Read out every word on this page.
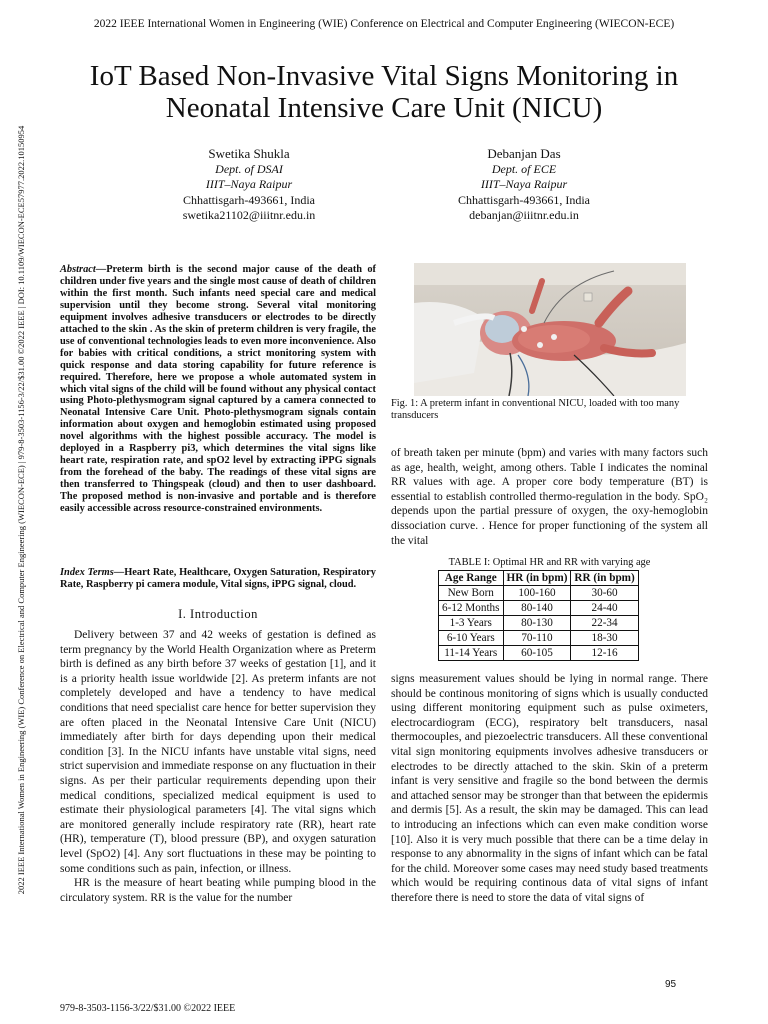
2022 IEEE International Women in Engineering (WIE) Conference on Electrical and Computer Engineering (WIECON-ECE)
2022 IEEE International Women in Engineering (WIE) Conference on Electrical and Computer Engineering (WIECON-ECE) | 979-8-3503-1156-3/22/$31.00 ©2022 IEEE | DOI: 10.1109/WIECON-ECE57977.2022.10150954
IoT Based Non-Invasive Vital Signs Monitoring in Neonatal Intensive Care Unit (NICU)
Swetika Shukla
Dept. of DSAI
IIIT–Naya Raipur
Chhattisgarh-493661, India
swetika21102@iiitnr.edu.in
Debanjan Das
Dept. of ECE
IIIT–Naya Raipur
Chhattisgarh-493661, India
debanjan@iiitnr.edu.in
Abstract—Preterm birth is the second major cause of the death of children under five years and the single most cause of death of children within the first month. Such infants need special care and medical supervision until they become strong. Several vital monitoring equipment involves adhesive transducers or electrodes to be directly attached to the skin . As the skin of preterm children is very fragile, the use of conventional technologies leads to even more inconvenience. Also for babies with critical conditions, a strict monitoring system with quick response and data storing capability for future reference is required. Therefore, here we propose a whole automated system in which vital signs of the child will be found without any physical contact using Photo-plethysmogram signal captured by a camera connected to Neonatal Intensive Care Unit. Photo-plethysmogram signals contain information about oxygen and hemoglobin estimated using proposed novel algorithms with the highest possible accuracy. The model is deployed in a Raspberry pi3, which determines the vital signs like heart rate, respiration rate, and spO2 level by extracting iPPG signals from the forehead of the baby. The readings of these vital signs are then transferred to Thingspeak (cloud) and then to user dashboard. The proposed method is non-invasive and portable and is therefore easily accessible across resource-constrained environments.
Index Terms—Heart Rate, Healthcare, Oxygen Saturation, Respiratory Rate, Raspberry pi camera module, Vital signs, iPPG signal, cloud.
I. Introduction

Delivery between 37 and 42 weeks of gestation is defined as term pregnancy by the World Health Organization where as Preterm birth is defined as any birth before 37 weeks of gestation [1], and it is a priority health issue worldwide [2]. As preterm infants are not completely developed and have a tendency to have medical conditions that need specialist care hence for better supervision they are often placed in the Neonatal Intensive Care Unit (NICU) immediately after birth for days depending upon their medical condition [3]. In the NICU infants have unstable vital signs, need strict supervision and immediate response on any fluctuation in their signs. As per their particular requirements depending upon their medical conditions, specialized medical equipment is used to estimate their physiological parameters [4]. The vital signs which are monitored generally include respiratory rate (RR), heart rate (HR), temperature (T), blood pressure (BP), and oxygen saturation level (SpO2) [4]. Any sort fluctuations in these may be pointing to some conditions such as pain, infection, or illness.

HR is the measure of heart beating while pumping blood in the circulatory system. RR is the value for the number

Fig. 1: A preterm infant in conventional NICU, loaded with too many transducers

of breath taken per minute (bpm) and varies with many factors such as age, health, weight, among others. Table I indicates the nominal RR values with age. A proper core body temperature (BT) is essential to establish controlled thermo-regulation in the body. SpO₂ depends upon the partial pressure of oxygen, the oxy-hemoglobin dissociation curve. . Hence for proper functioning of the system all the vital

TABLE I: Optimal HR and RR with varying age
Age Range	HR (in bpm)	RR (in bpm)
New Born	100-160	30-60
6-12 Months	80-140	24-40
1-3 Years	80-130	22-34
6-10 Years	70-110	18-30
11-14 Years	60-105	12-16

signs measurement values should be lying in normal range. There should be continous monitoring of signs which is usually conducted using different monitoring equipment such as pulse oximeters, electrocardiogram (ECG), respiratory belt transducers, nasal thermocouples, and piezoelectric transducers. All these conventional vital sign monitoring equipments involves adhesive transducers or electrodes to be directly attached to the skin. Skin of a preterm infant is very sensitive and fragile so the bond between the dermis and attached sensor may be stronger than that between the epidermis and dermis [5]. As a result, the skin may be damaged. This can lead to introducing an infections which can even make condition worse [10]. Also it is very much possible that there can be a time delay in response to any abnormality in the signs of infant which can be fatal for the child. Moreover some cases may need study based treatments which would be requiring continous data of vital signs of infant therefore there is need to store the data of vital signs of

95
979-8-3503-1156-3/22/$31.00 ©2022 IEEE
